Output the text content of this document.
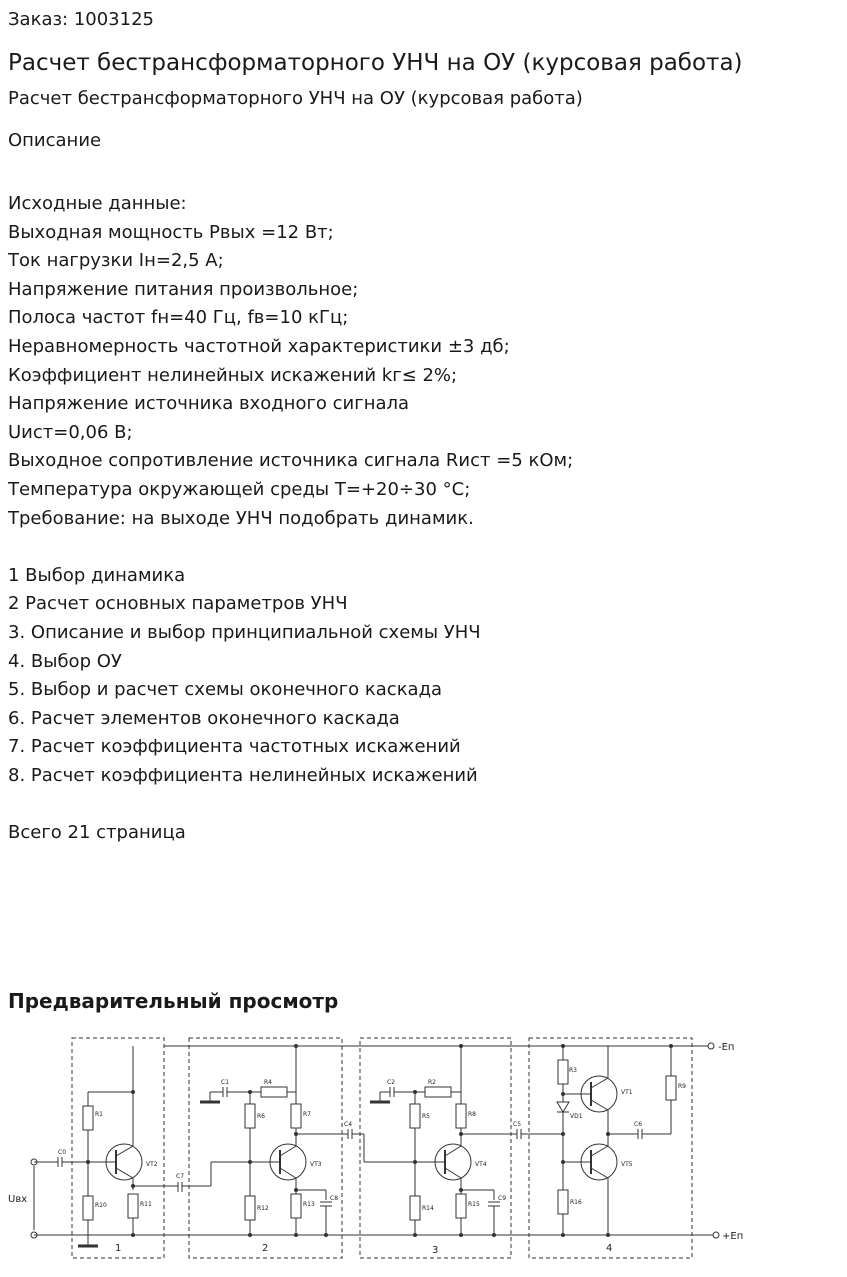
Заказ: 1003125
Расчет бестрансформаторного УНЧ на ОУ (курсовая работа)
Расчет бестрансформаторного УНЧ на ОУ (курсовая работа)
Описание
Исходные данные:
Выходная мощность Рвых =12 Вт;
Ток нагрузки Iн=2,5 А;
Напряжение питания произвольное;
Полоса частот fн=40 Гц, fв=10 кГц;
Неравномерность частотной характеристики ±3 дб;
Коэффициент нелинейных искажений kг≤ 2%;
Напряжение источника входного сигнала
Uист=0,06 В;
Выходное сопротивление источника сигнала Rист =5 кОм;
Температура окружающей среды Т=+20÷30 °С;
Требование: на выходе УНЧ подобрать динамик.
1 Выбор динамика
2 Расчет основных параметров УНЧ
3. Описание и выбор принципиальной схемы УНЧ
4. Выбор ОУ
5. Выбор и расчет схемы оконечного каскада
6. Расчет элементов оконечного каскада
7. Расчет коэффициента частотных искажений
8. Расчет коэффициента нелинейных искажений
Всего 21 страница
Предварительный просмотр
R1
C0
VT2
R10	R11
C7
C1	R4
R6	R7
VT3
R12
R13
C8
C4
C2	R2
R5	R8
VT4
R14
R15
C9
C5
R3
VD1
VT1
C6
R9
VT5
R16
-Еп
+Еп
Uвх
1	2	3	4
